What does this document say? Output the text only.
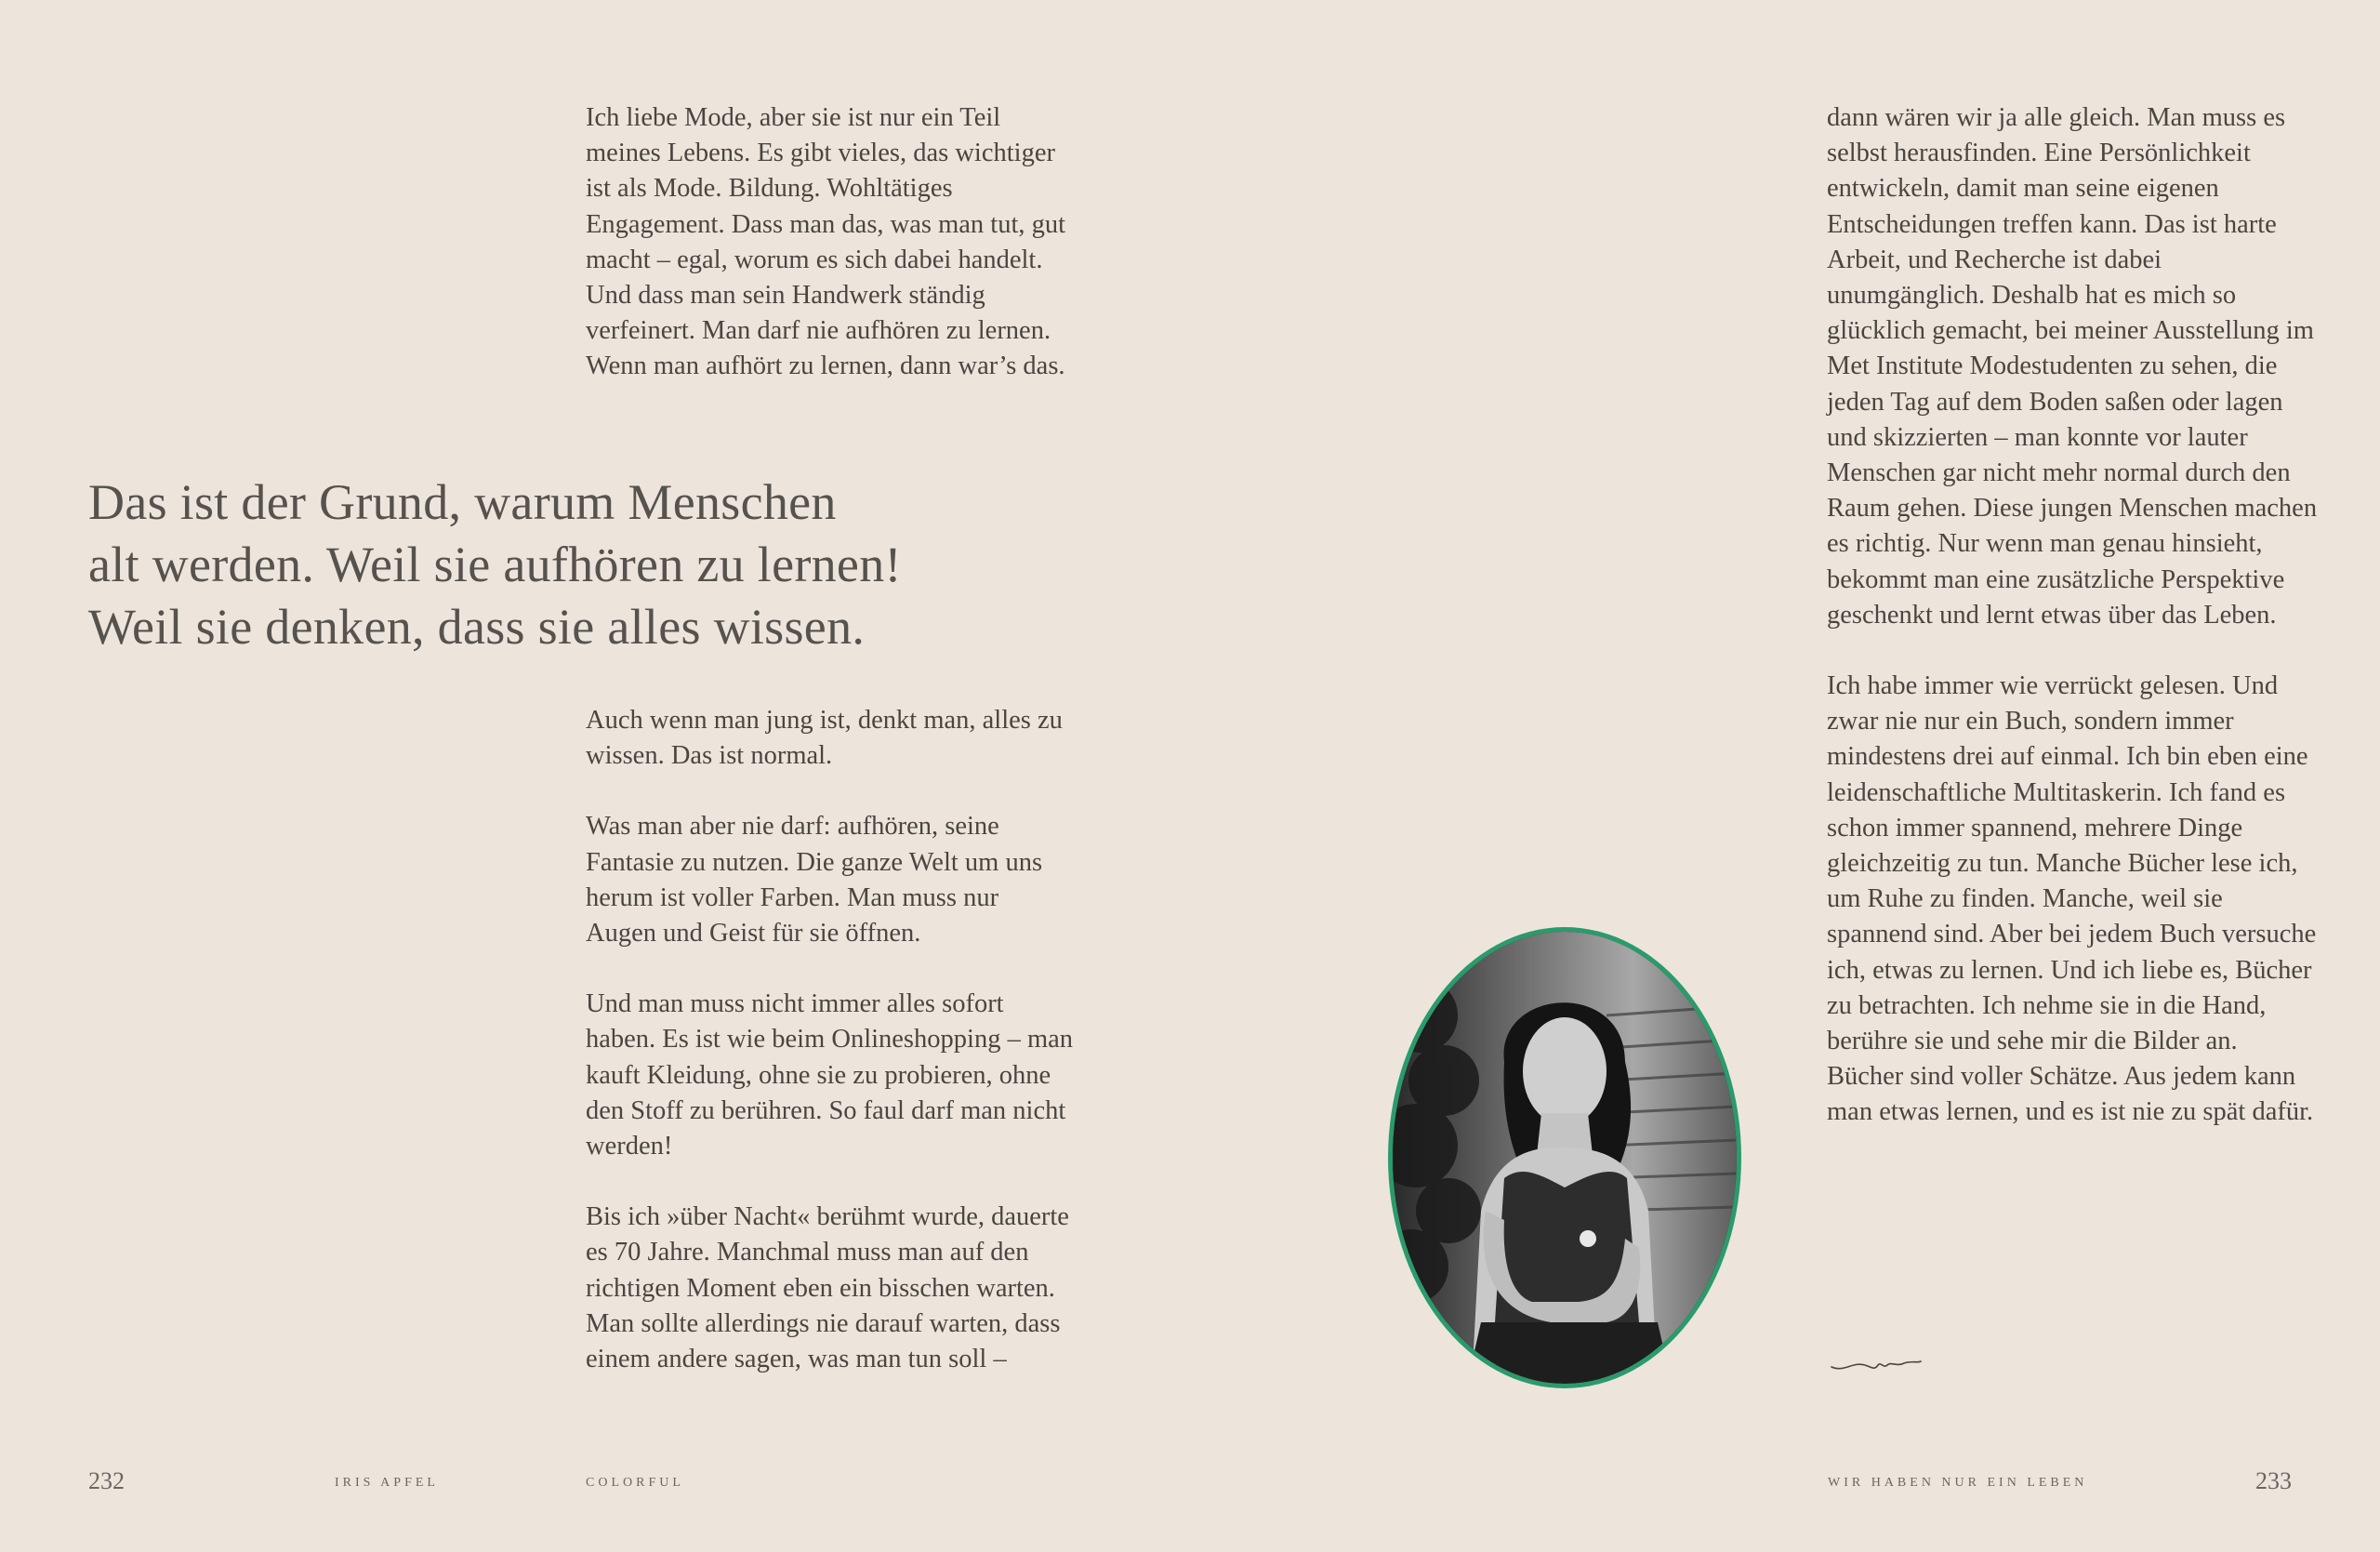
Ich liebe Mode, aber sie ist nur ein Teil meines Lebens. Es gibt vieles, das wichtiger ist als Mode. Bildung. Wohltätiges Engagement. Dass man das, was man tut, gut macht – egal, worum es sich dabei handelt. Und dass man sein Handwerk ständig verfeinert. Man darf nie aufhören zu lernen. Wenn man aufhört zu lernen, dann war’s das.

Das ist der Grund, warum Menschen
alt werden. Weil sie aufhören zu lernen!
Weil sie denken, dass sie alles wissen.

Auch wenn man jung ist, denkt man, alles zu wissen. Das ist normal.

Was man aber nie darf: aufhören, seine Fantasie zu nutzen. Die ganze Welt um uns herum ist voller Farben. Man muss nur Augen und Geist für sie öffnen.

Und man muss nicht immer alles sofort haben. Es ist wie beim Onlineshopping – man kauft Kleidung, ohne sie zu probieren, ohne den Stoff zu berühren. So faul darf man nicht werden!

Bis ich »über Nacht« berühmt wurde, dauerte es 70 Jahre. Manchmal muss man auf den richtigen Moment eben ein bisschen warten. Man sollte allerdings nie darauf warten, dass einem andere sagen, was man tun soll –

232	IRIS APFEL	COLORFUL

dann wären wir ja alle gleich. Man muss es selbst herausfinden. Eine Persönlichkeit entwickeln, damit man seine eigenen Entscheidungen treffen kann. Das ist harte Arbeit, und Recherche ist dabei unumgänglich. Deshalb hat es mich so glücklich gemacht, bei meiner Ausstellung im Met Institute Modestudenten zu sehen, die jeden Tag auf dem Boden saßen oder lagen und skizzierten – man konnte vor lauter Menschen gar nicht mehr normal durch den Raum gehen. Diese jungen Menschen machen es richtig. Nur wenn man genau hinsieht, bekommt man eine zusätzliche Perspektive geschenkt und lernt etwas über das Leben.

Ich habe immer wie verrückt gelesen. Und zwar nie nur ein Buch, sondern immer mindestens drei auf einmal. Ich bin eben eine leidenschaftliche Multitaskerin. Ich fand es schon immer spannend, mehrere Dinge gleichzeitig zu tun. Manche Bücher lese ich, um Ruhe zu finden. Manche, weil sie spannend sind. Aber bei jedem Buch versuche ich, etwas zu lernen. Und ich liebe es, Bücher zu betrachten. Ich nehme sie in die Hand, berühre sie und sehe mir die Bilder an. Bücher sind voller Schätze. Aus jedem kann man etwas lernen, und es ist nie zu spät dafür.

WIR HABEN NUR EIN LEBEN	233
